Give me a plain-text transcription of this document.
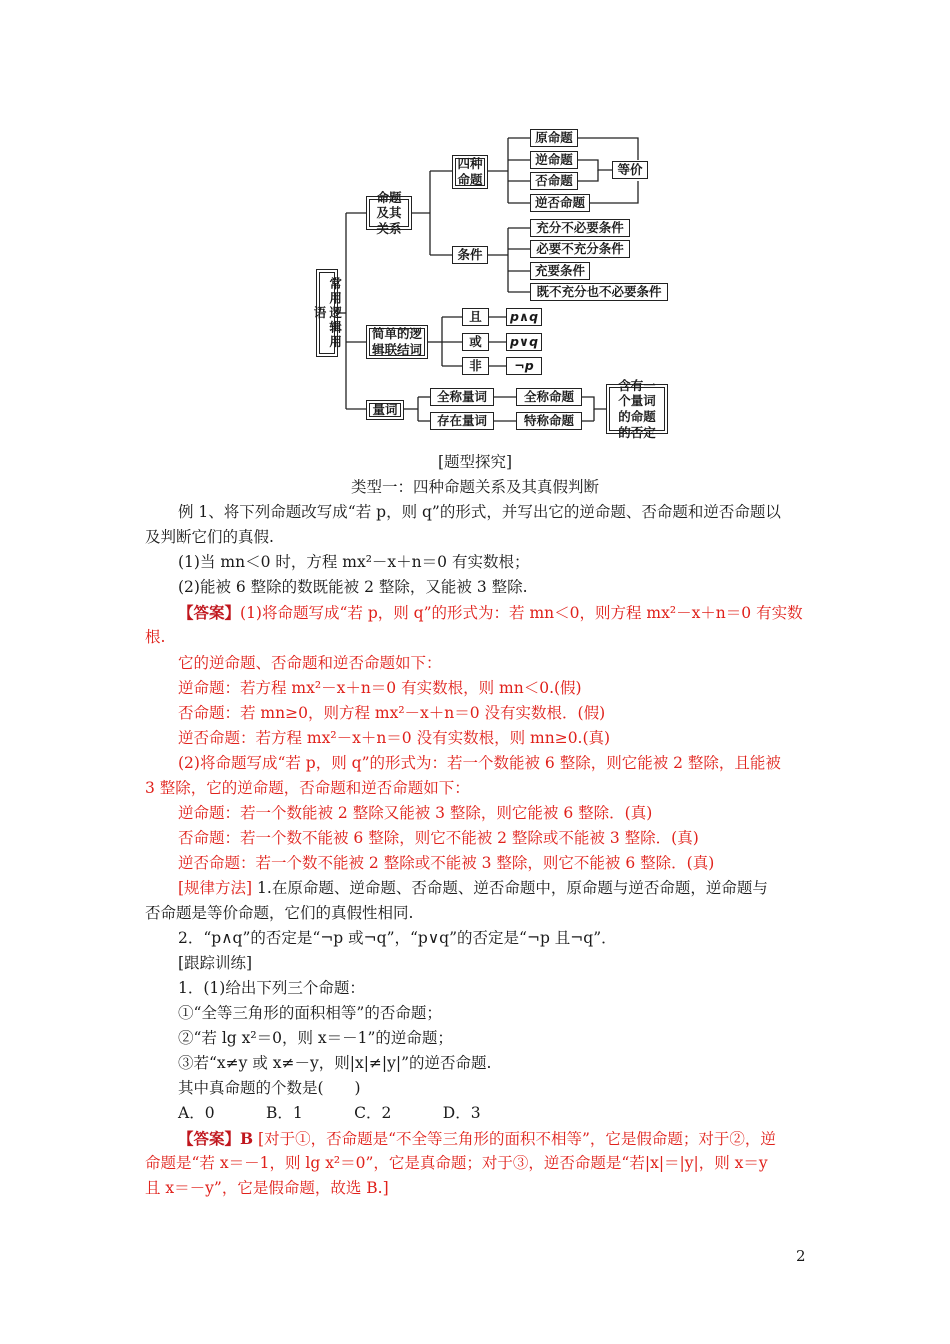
常用逻辑用语
命题及其关系
四种命题
原命题
逆命题
否命题
逆否命题
等价
条件
充分不必要条件
必要不充分条件
充要条件
既不充分也不必要条件
简单的逻辑联结词
且
或
非
p∧q
p∨q
¬p
量词
全称量词
存在量词
全称命题
特称命题
含有一个量词的命题的否定
[题型探究]
类型一：四种命题关系及其真假判断
例 1、将下列命题改写成“若 p，则 q”的形式，并写出它的逆命题、否命题和逆否命题以
及判断它们的真假.
(1)当 mn＜0 时，方程 mx²－x＋n＝0 有实数根；
(2)能被 6 整除的数既能被 2 整除，又能被 3 整除.
【答案】(1)将命题写成“若 p，则 q”的形式为：若 mn＜0，则方程 mx²－x＋n＝0 有实数
根.
它的逆命题、否命题和逆否命题如下：
逆命题：若方程 mx²－x＋n＝0 有实数根，则 mn＜0.(假)
否命题：若 mn≥0，则方程 mx²－x＋n＝0 没有实数根．(假)
逆否命题：若方程 mx²－x＋n＝0 没有实数根，则 mn≥0.(真)
(2)将命题写成“若 p，则 q”的形式为：若一个数能被 6 整除，则它能被 2 整除，且能被
3 整除，它的逆命题，否命题和逆否命题如下：
逆命题：若一个数能被 2 整除又能被 3 整除，则它能被 6 整除．(真)
否命题：若一个数不能被 6 整除，则它不能被 2 整除或不能被 3 整除．(真)
逆否命题：若一个数不能被 2 整除或不能被 3 整除，则它不能被 6 整除．(真)
[规律方法] 1.在原命题、逆命题、否命题、逆否命题中，原命题与逆否命题，逆命题与
否命题是等价命题，它们的真假性相同.
2．“p∧q”的否定是“¬p 或¬q”，“p∨q”的否定是“¬p 且¬q”．
[跟踪训练]
1．(1)给出下列三个命题：
①“全等三角形的面积相等”的否命题；
②“若 lg x²＝0，则 x＝－1”的逆命题；
③若“x≠y 或 x≠－y，则|x|≠|y|”的逆否命题.
其中真命题的个数是(　　)
A．0　　　 B．1　　　 C．2　　　 D．3
【答案】B [对于①，否命题是“不全等三角形的面积不相等”，它是假命题；对于②，逆
命题是“若 x＝－1，则 lg x²＝0”，它是真命题；对于③，逆否命题是“若|x|＝|y|，则 x＝y
且 x＝－y”，它是假命题，故选 B.]
2
